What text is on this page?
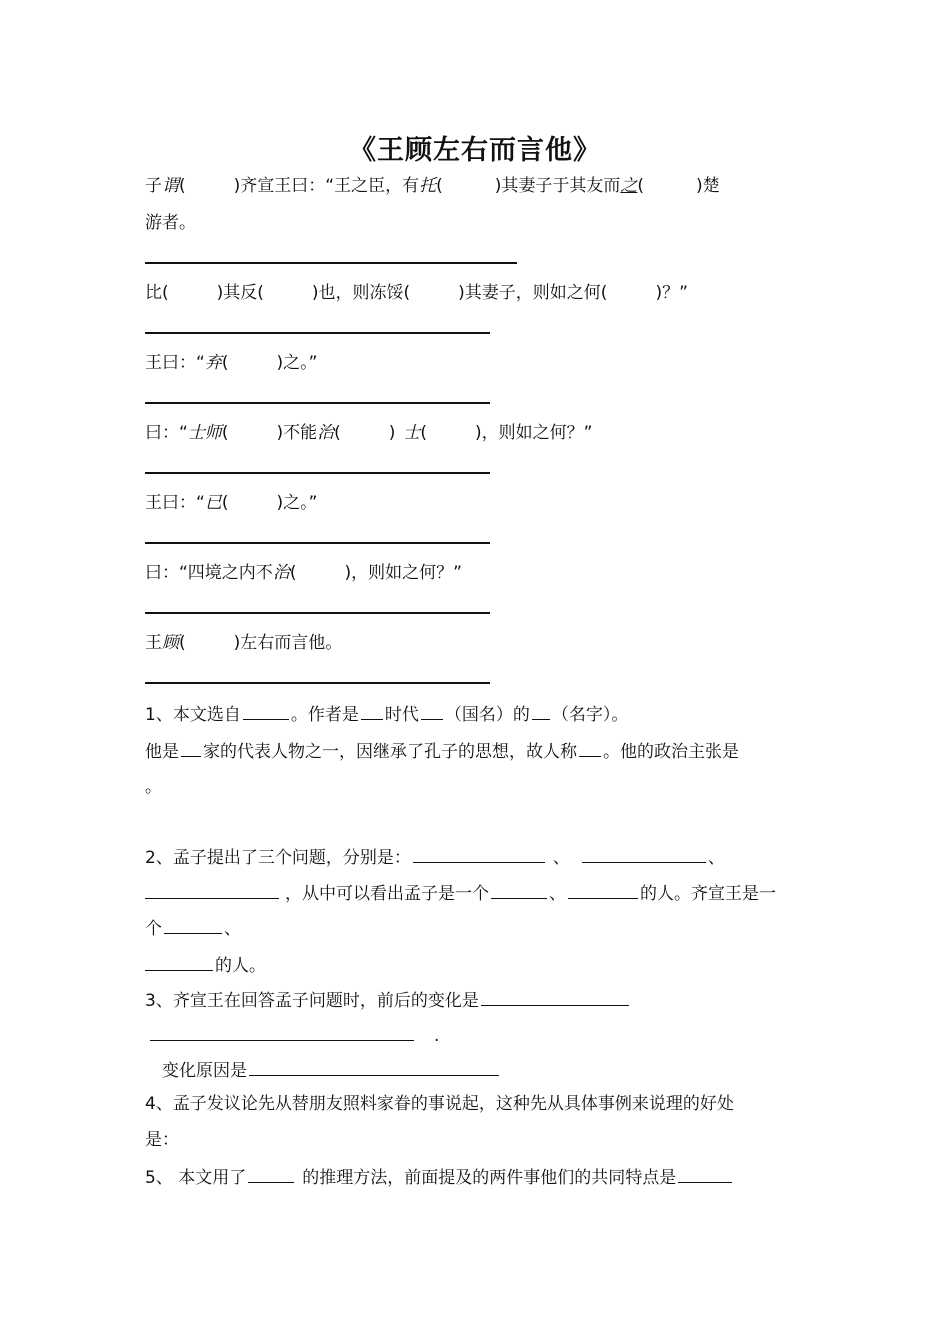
《王顾左右而言他》
子谓(	)齐宣王曰：“王之臣，有托(	)其妻子于其友而之(	)楚
游者。
比(	)其反(	)也，则冻馁(	)其妻子，则如之何(	)？”
王曰：“弃(	)之。”
曰：“士师(	)不能治(	) 士(	)，则如之何？”
王曰：“已(	)之。”
曰：“四境之内不治(	)，则如之何？”
王顾(	)左右而言他。
1、本文选自	。作者是 时代 （国名）的 （名字）。
他是 家的代表人物之一，因继承了孔子的思想，故人称 。他的政治主张是
。
2、孟子提出了三个问题，分别是：	、	、
，从中可以看出孟子是一个	、	的人。齐宣王是一
个	、
的人。
3、齐宣王在回答孟子问题时，前后的变化是
.
变化原因是
4、孟子发议论先从替朋友照料家眷的事说起，这种先从具体事例来说理的好处
是：
5、 本文用了	的推理方法，前面提及的两件事他们的共同特点是
